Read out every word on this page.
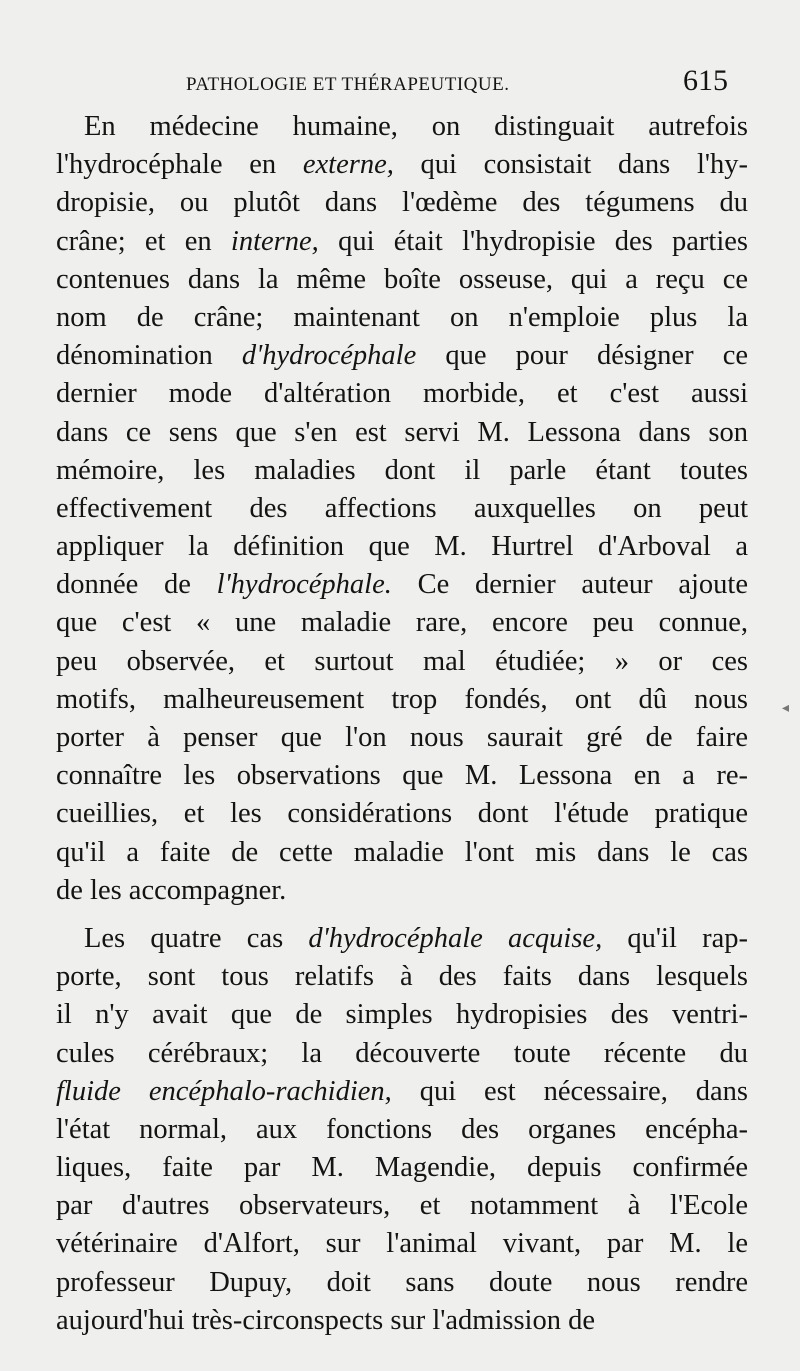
PATHOLOGIE ET THÉRAPEUTIQUE.	615
En médecine humaine, on distinguait autrefois
l'hydrocéphale en externe, qui consistait dans l'hy-
dropisie, ou plutôt dans l'œdème des tégumens du
crâne; et en interne, qui était l'hydropisie des parties
contenues dans la même boîte osseuse, qui a reçu ce
nom de crâne; maintenant on n'emploie plus la
dénomination d'hydrocéphale que pour désigner ce
dernier mode d'altération morbide, et c'est aussi
dans ce sens que s'en est servi M. Lessona dans son
mémoire, les maladies dont il parle étant toutes
effectivement des affections auxquelles on peut
appliquer la définition que M. Hurtrel d'Arboval a
donnée de l'hydrocéphale. Ce dernier auteur ajoute
que c'est « une maladie rare, encore peu connue,
peu observée, et surtout mal étudiée; » or ces
motifs, malheureusement trop fondés, ont dû nous
porter à penser que l'on nous saurait gré de faire
connaître les observations que M. Lessona en a re-
cueillies, et les considérations dont l'étude pratique
qu'il a faite de cette maladie l'ont mis dans le cas
de les accompagner.
Les quatre cas d'hydrocéphale acquise, qu'il rap-
porte, sont tous relatifs à des faits dans lesquels
il n'y avait que de simples hydropisies des ventri-
cules cérébraux; la découverte toute récente du
fluide encéphalo-rachidien, qui est nécessaire, dans
l'état normal, aux fonctions des organes encépha-
liques, faite par M. Magendie, depuis confirmée
par d'autres observateurs, et notamment à l'Ecole
vétérinaire d'Alfort, sur l'animal vivant, par M. le
professeur Dupuy, doit sans doute nous rendre
aujourd'hui très-circonspects sur l'admission de
◂
